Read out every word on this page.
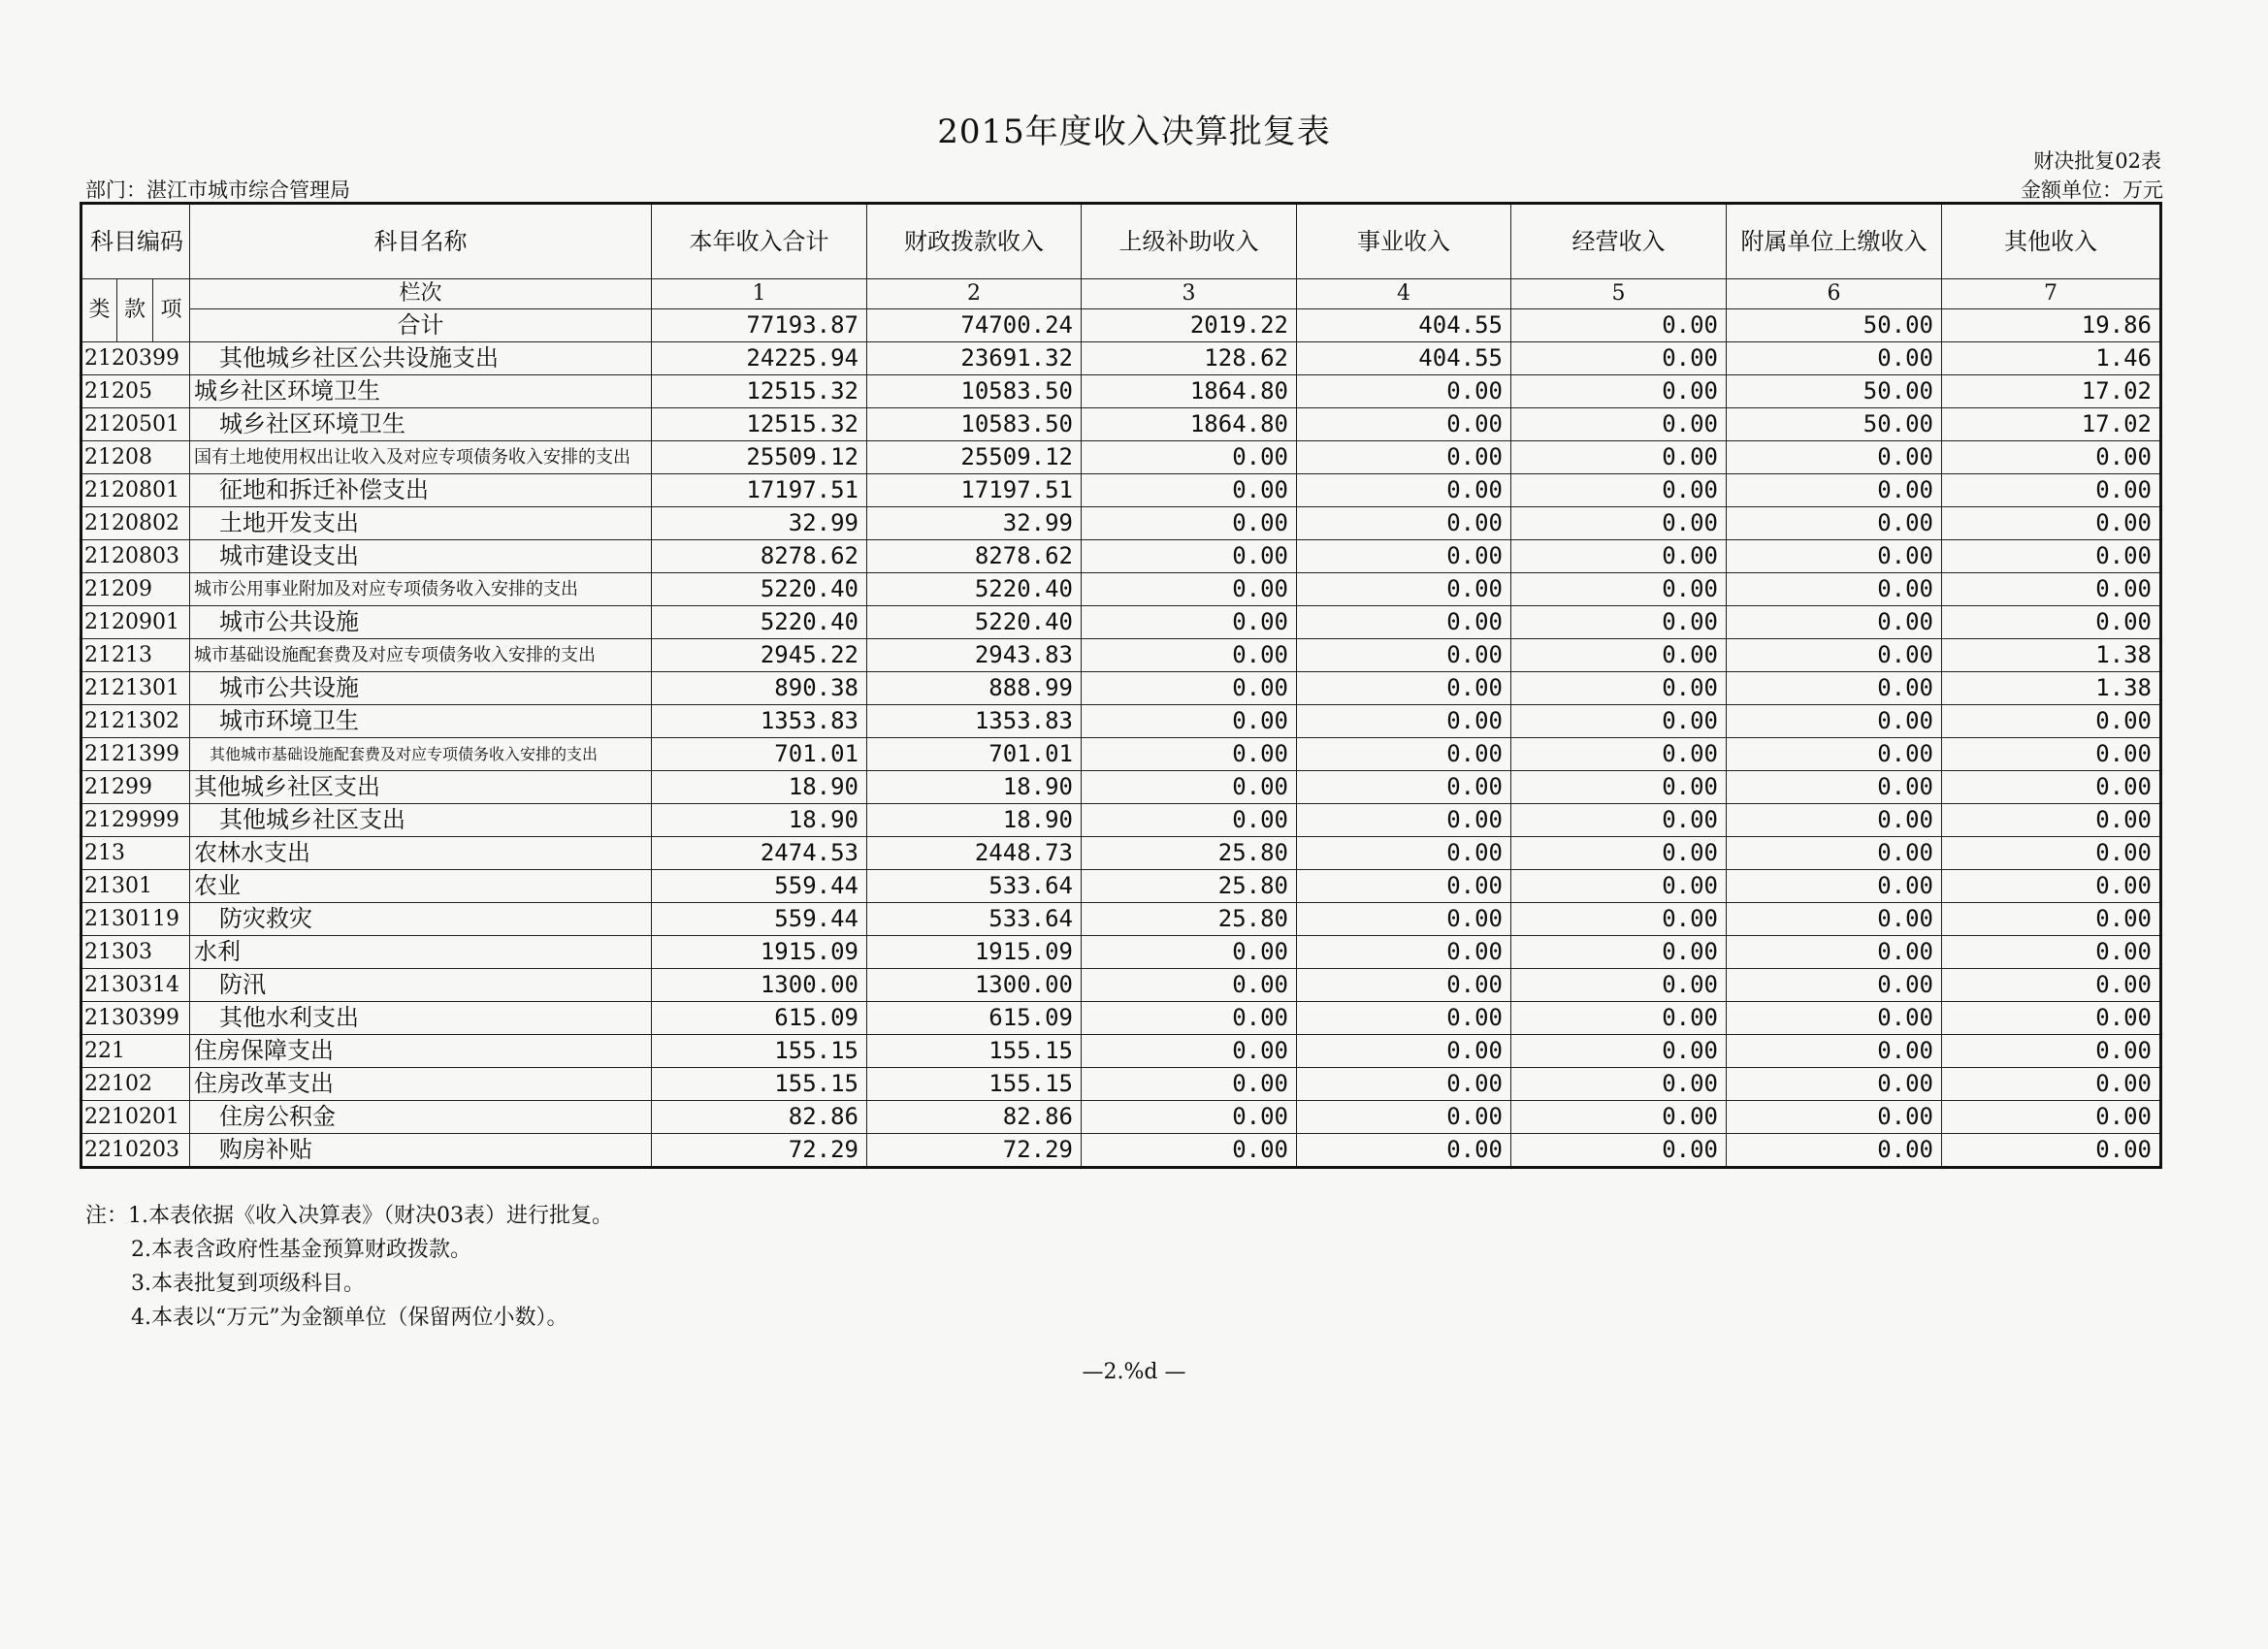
2015年度收入决算批复表
财决批复02表
部门：湛江市城市综合管理局	金额单位：万元
科目编码			科目名称	本年收入合计	财政拨款收入	上级补助收入	事业收入	经营收入	附属单位上缴收入	其他收入
类	款	项	栏次	1	2	3	4	5	6	7
			合计	77193.87	74700.24	2019.22	404.55	0.00	50.00	19.86
2120399			其他城乡社区公共设施支出	24225.94	23691.32	128.62	404.55	0.00	0.00	1.46
21205			城乡社区环境卫生	12515.32	10583.50	1864.80	0.00	0.00	50.00	17.02
2120501			城乡社区环境卫生	12515.32	10583.50	1864.80	0.00	0.00	50.00	17.02
21208			国有土地使用权出让收入及对应专项债务收入安排的支出	25509.12	25509.12	0.00	0.00	0.00	0.00	0.00
2120801			征地和拆迁补偿支出	17197.51	17197.51	0.00	0.00	0.00	0.00	0.00
2120802			土地开发支出	32.99	32.99	0.00	0.00	0.00	0.00	0.00
2120803			城市建设支出	8278.62	8278.62	0.00	0.00	0.00	0.00	0.00
21209			城市公用事业附加及对应专项债务收入安排的支出	5220.40	5220.40	0.00	0.00	0.00	0.00	0.00
2120901			城市公共设施	5220.40	5220.40	0.00	0.00	0.00	0.00	0.00
21213			城市基础设施配套费及对应专项债务收入安排的支出	2945.22	2943.83	0.00	0.00	0.00	0.00	1.38
2121301			城市公共设施	890.38	888.99	0.00	0.00	0.00	0.00	1.38
2121302			城市环境卫生	1353.83	1353.83	0.00	0.00	0.00	0.00	0.00
2121399			其他城市基础设施配套费及对应专项债务收入安排的支出	701.01	701.01	0.00	0.00	0.00	0.00	0.00
21299			其他城乡社区支出	18.90	18.90	0.00	0.00	0.00	0.00	0.00
2129999			其他城乡社区支出	18.90	18.90	0.00	0.00	0.00	0.00	0.00
213			农林水支出	2474.53	2448.73	25.80	0.00	0.00	0.00	0.00
21301			农业	559.44	533.64	25.80	0.00	0.00	0.00	0.00
2130119			防灾救灾	559.44	533.64	25.80	0.00	0.00	0.00	0.00
21303			水利	1915.09	1915.09	0.00	0.00	0.00	0.00	0.00
2130314			防汛	1300.00	1300.00	0.00	0.00	0.00	0.00	0.00
2130399			其他水利支出	615.09	615.09	0.00	0.00	0.00	0.00	0.00
221			住房保障支出	155.15	155.15	0.00	0.00	0.00	0.00	0.00
22102			住房改革支出	155.15	155.15	0.00	0.00	0.00	0.00	0.00
2210201			住房公积金	82.86	82.86	0.00	0.00	0.00	0.00	0.00
2210203			购房补贴	72.29	72.29	0.00	0.00	0.00	0.00	0.00
注：1.本表依据《收入决算表》（财决03表）进行批复。
2.本表含政府性基金预算财政拨款。
3.本表批复到项级科目。
4.本表以“万元”为金额单位（保留两位小数）。
—2.%d —
